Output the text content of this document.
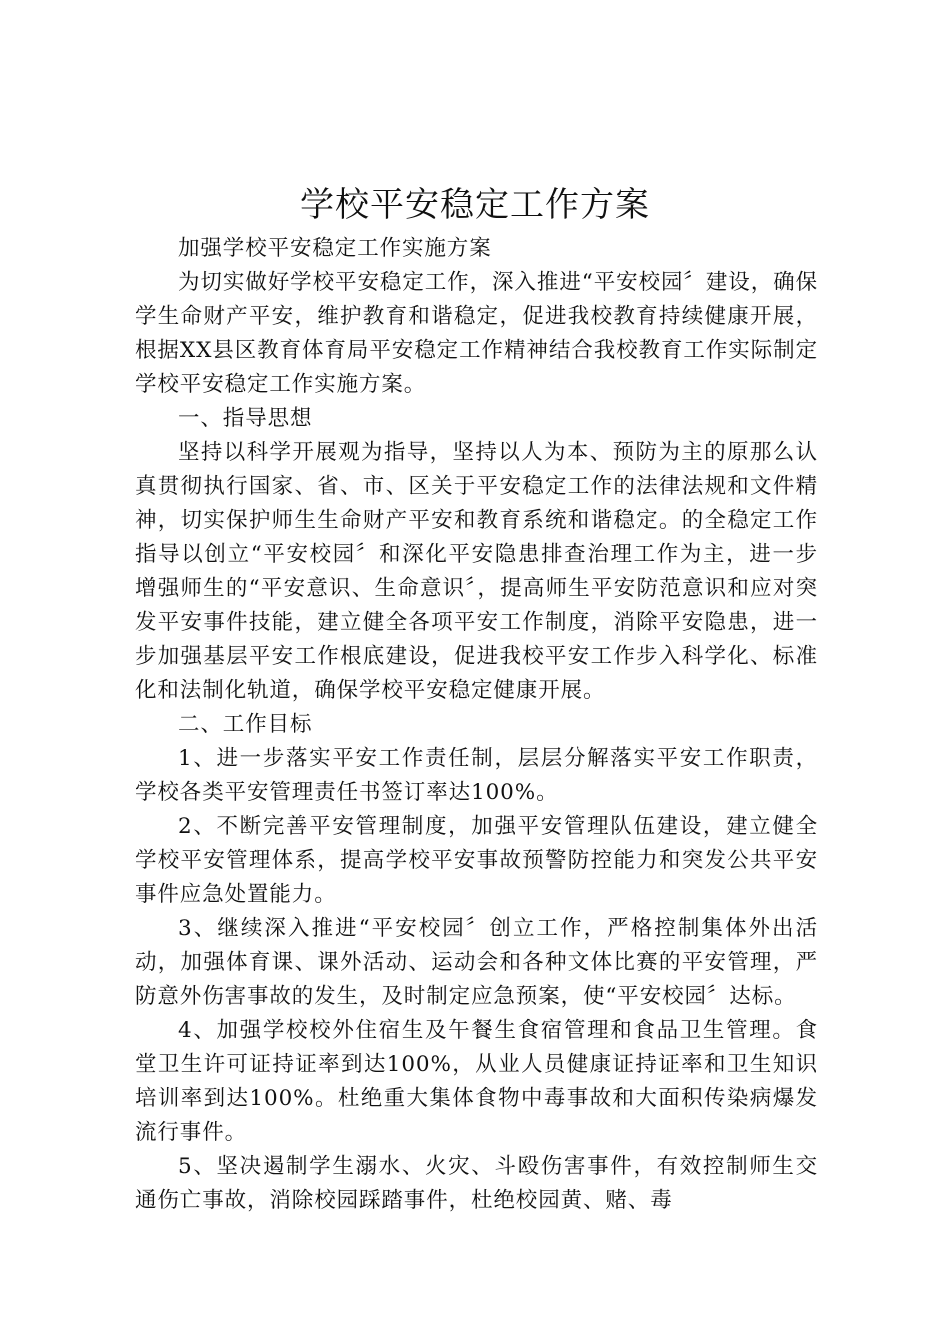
学校平安稳定工作方案

加强学校平安稳定工作实施方案

为切实做好学校平安稳定工作，深入推进“平安校园〞建设，确保学生命财产平安，维护教育和谐稳定，促进我校教育持续健康开展，根据XX县区教育体育局平安稳定工作精神结合我校教育工作实际制定学校平安稳定工作实施方案。

一、指导思想

坚持以科学开展观为指导，坚持以人为本、预防为主的原那么认真贯彻执行国家、省、市、区关于平安稳定工作的法律法规和文件精神，切实保护师生生命财产平安和教育系统和谐稳定。的全稳定工作指导以创立“平安校园〞和深化平安隐患排查治理工作为主，进一步增强师生的“平安意识、生命意识〞，提高师生平安防范意识和应对突发平安事件技能，建立健全各项平安工作制度，消除平安隐患，进一步加强基层平安工作根底建设，促进我校平安工作步入科学化、标准化和法制化轨道，确保学校平安稳定健康开展。

二、工作目标

1、进一步落实平安工作责任制，层层分解落实平安工作职责，学校各类平安管理责任书签订率达100%。

2、不断完善平安管理制度，加强平安管理队伍建设，建立健全学校平安管理体系，提高学校平安事故预警防控能力和突发公共平安事件应急处置能力。

3、继续深入推进“平安校园〞创立工作，严格控制集体外出活动，加强体育课、课外活动、运动会和各种文体比赛的平安管理，严防意外伤害事故的发生，及时制定应急预案，使“平安校园〞达标。

4、加强学校校外住宿生及午餐生食宿管理和食品卫生管理。食堂卫生许可证持证率到达100%，从业人员健康证持证率和卫生知识培训率到达100%。杜绝重大集体食物中毒事故和大面积传染病爆发流行事件。

5、坚决遏制学生溺水、火灾、斗殴伤害事件，有效控制师生交通伤亡事故，消除校园踩踏事件，杜绝校园黄、赌、毒
